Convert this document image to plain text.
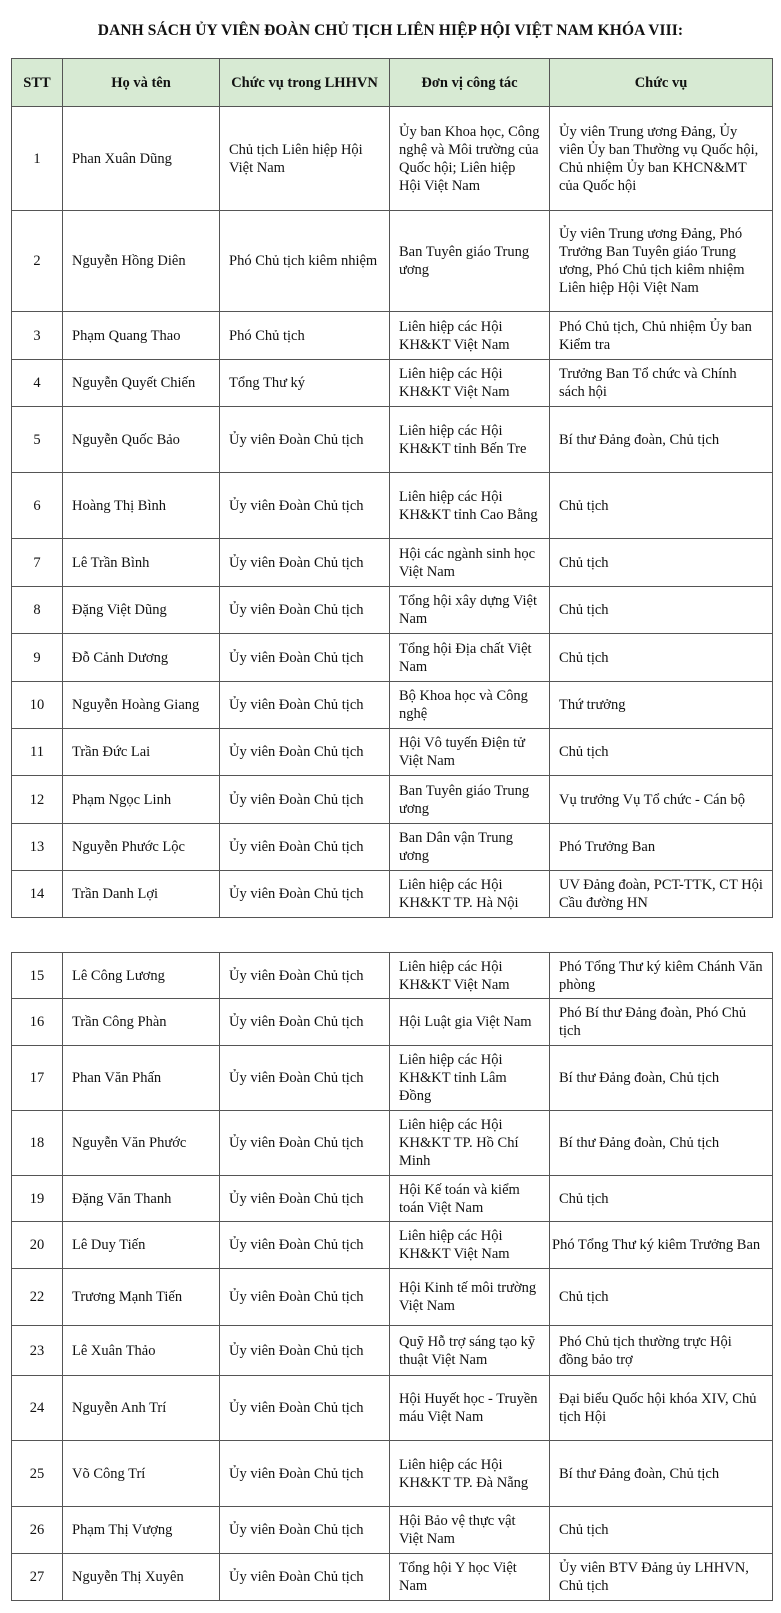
DANH SÁCH ỦY VIÊN ĐOÀN CHỦ TỊCH LIÊN HIỆP HỘI VIỆT NAM KHÓA VIII:
STT	Họ và tên	Chức vụ trong LHHVN	Đơn vị công tác	Chức vụ
1	Phan Xuân Dũng	Chủ tịch Liên hiệp Hội Việt Nam	Ủy ban Khoa học, Công nghệ và Môi trường của Quốc hội; Liên hiệp Hội Việt Nam	Ủy viên Trung ương Đảng, Ủy viên Ủy ban Thường vụ Quốc hội, Chủ nhiệm Ủy ban KHCN&MT của Quốc hội
2	Nguyễn Hồng Diên	Phó Chủ tịch kiêm nhiệm	Ban Tuyên giáo Trung ương	Ủy viên Trung ương Đảng, Phó Trưởng Ban Tuyên giáo Trung ương, Phó Chủ tịch kiêm nhiệm Liên hiệp Hội Việt Nam
3	Phạm Quang Thao	Phó Chủ tịch	Liên hiệp các Hội KH&KT Việt Nam	Phó Chủ tịch, Chủ nhiệm Ủy ban Kiểm tra
4	Nguyễn Quyết Chiến	Tổng Thư ký	Liên hiệp các Hội KH&KT Việt Nam	Trưởng Ban Tổ chức và Chính sách hội
5	Nguyễn Quốc Bảo	Ủy viên Đoàn Chủ tịch	Liên hiệp các Hội KH&KT tỉnh Bến Tre	Bí thư Đảng đoàn, Chủ tịch
6	Hoàng Thị Bình	Ủy viên Đoàn Chủ tịch	Liên hiệp các Hội KH&KT tỉnh Cao Bằng	Chủ tịch
7	Lê Trần Bình	Ủy viên Đoàn Chủ tịch	Hội các ngành sinh học Việt Nam	Chủ tịch
8	Đặng Việt Dũng	Ủy viên Đoàn Chủ tịch	Tổng hội xây dựng Việt Nam	Chủ tịch
9	Đỗ Cảnh Dương	Ủy viên Đoàn Chủ tịch	Tổng hội Địa chất Việt Nam	Chủ tịch
10	Nguyễn Hoàng Giang	Ủy viên Đoàn Chủ tịch	Bộ Khoa học và Công nghệ	Thứ trưởng
11	Trần Đức Lai	Ủy viên Đoàn Chủ tịch	Hội Vô tuyến Điện tử Việt Nam	Chủ tịch
12	Phạm Ngọc Linh	Ủy viên Đoàn Chủ tịch	Ban Tuyên giáo Trung ương	Vụ trưởng Vụ Tổ chức - Cán bộ
13	Nguyễn Phước Lộc	Ủy viên Đoàn Chủ tịch	Ban Dân vận Trung ương	Phó Trưởng Ban
14	Trần Danh Lợi	Ủy viên Đoàn Chủ tịch	Liên hiệp các Hội KH&KT TP. Hà Nội	UV Đảng đoàn, PCT-TTK, CT Hội Cầu đường HN
15	Lê Công Lương	Ủy viên Đoàn Chủ tịch	Liên hiệp các Hội KH&KT Việt Nam	Phó Tổng Thư ký kiêm Chánh Văn phòng
16	Trần Công Phàn	Ủy viên Đoàn Chủ tịch	Hội Luật gia Việt Nam	Phó Bí thư Đảng đoàn, Phó Chủ tịch
17	Phan Văn Phấn	Ủy viên Đoàn Chủ tịch	Liên hiệp các Hội KH&KT tỉnh Lâm Đồng	Bí thư Đảng đoàn, Chủ tịch
18	Nguyễn Văn Phước	Ủy viên Đoàn Chủ tịch	Liên hiệp các Hội KH&KT TP. Hồ Chí Minh	Bí thư Đảng đoàn, Chủ tịch
19	Đặng Văn Thanh	Ủy viên Đoàn Chủ tịch	Hội Kế toán và kiểm toán Việt Nam	Chủ tịch
20	Lê Duy Tiến	Ủy viên Đoàn Chủ tịch	Liên hiệp các Hội KH&KT Việt Nam	Phó Tổng Thư ký kiêm Trưởng Ban
22	Trương Mạnh Tiến	Ủy viên Đoàn Chủ tịch	Hội Kinh tế môi trường Việt Nam	Chủ tịch
23	Lê Xuân Thảo	Ủy viên Đoàn Chủ tịch	Quỹ Hỗ trợ sáng tạo kỹ thuật Việt Nam	Phó Chủ tịch thường trực Hội đồng bảo trợ
24	Nguyễn Anh Trí	Ủy viên Đoàn Chủ tịch	Hội Huyết học - Truyền máu Việt Nam	Đại biểu Quốc hội khóa XIV, Chủ tịch Hội
25	Võ Công Trí	Ủy viên Đoàn Chủ tịch	Liên hiệp các Hội KH&KT TP. Đà Nẵng	Bí thư Đảng đoàn, Chủ tịch
26	Phạm Thị Vượng	Ủy viên Đoàn Chủ tịch	Hội Bảo vệ thực vật Việt Nam	Chủ tịch
27	Nguyễn Thị Xuyên	Ủy viên Đoàn Chủ tịch	Tổng hội Y học Việt Nam	Ủy viên BTV Đảng ủy LHHVN, Chủ tịch
